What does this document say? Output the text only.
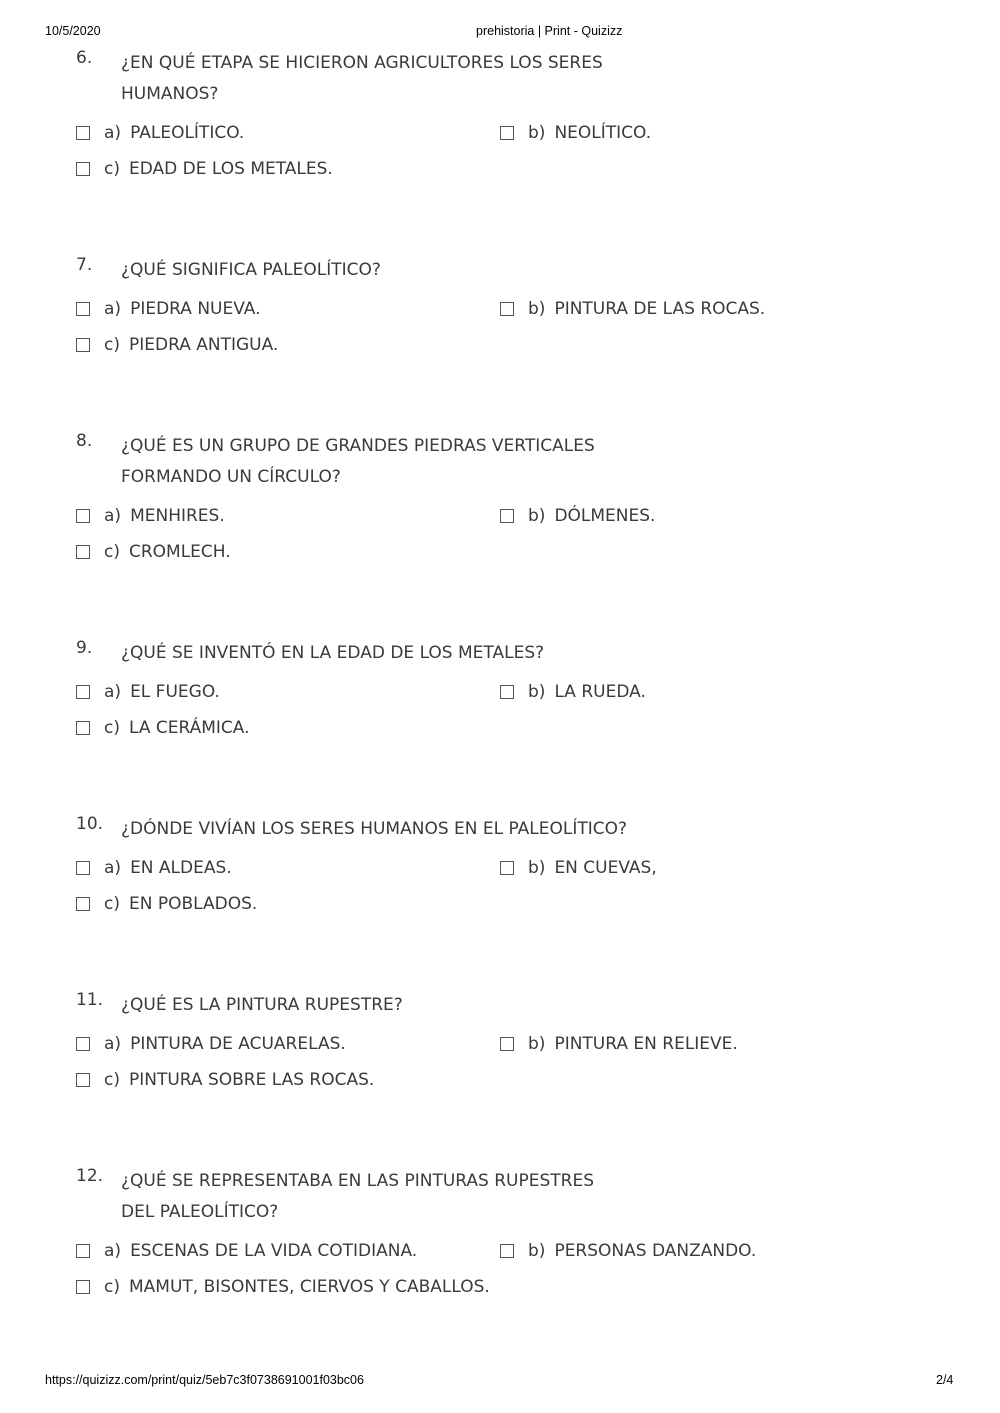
10/5/2020	prehistoria | Print - Quizizz
6.	¿EN QUÉ ETAPA SE HICIERON AGRICULTORES LOS SERES HUMANOS?
a) PALEOLÍTICO.	b) NEOLÍTICO.
c) EDAD DE LOS METALES.
7.	¿QUÉ SIGNIFICA PALEOLÍTICO?
a) PIEDRA NUEVA.	b) PINTURA DE LAS ROCAS.
c) PIEDRA ANTIGUA.
8.	¿QUÉ ES UN GRUPO DE GRANDES PIEDRAS VERTICALES FORMANDO UN CÍRCULO?
a) MENHIRES.	b) DÓLMENES.
c) CROMLECH.
9.	¿QUÉ SE INVENTÓ EN LA EDAD DE LOS METALES?
a) EL FUEGO.	b) LA RUEDA.
c) LA CERÁMICA.
10.	¿DÓNDE VIVÍAN LOS SERES HUMANOS EN EL PALEOLÍTICO?
a) EN ALDEAS.	b) EN CUEVAS,
c) EN POBLADOS.
11.	¿QUÉ ES LA PINTURA RUPESTRE?
a) PINTURA DE ACUARELAS.	b) PINTURA EN RELIEVE.
c) PINTURA SOBRE LAS ROCAS.
12.	¿QUÉ SE REPRESENTABA EN LAS PINTURAS RUPESTRES DEL PALEOLÍTICO?
a) ESCENAS DE LA VIDA COTIDIANA.	b) PERSONAS DANZANDO.
c) MAMUT, BISONTES, CIERVOS Y CABALLOS.
https://quizizz.com/print/quiz/5eb7c3f0738691001f03bc06	2/4
